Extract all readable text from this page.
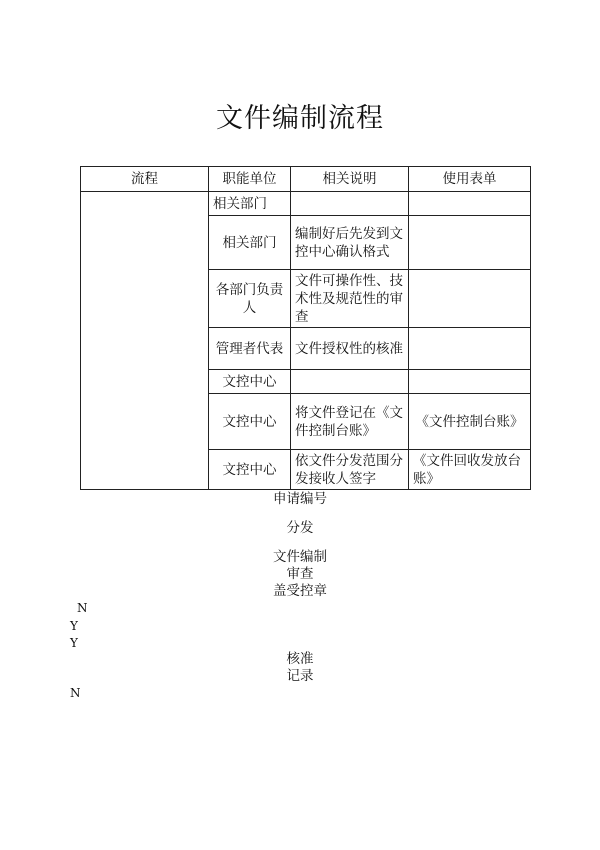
文件编制流程
流程	职能单位	相关说明	使用表单
	相关部门		
	相关部门	编制好后先发到文控中心确认格式	
	各部门负责人	文件可操作性、技术性及规范性的审查	
	管理者代表	文件授权性的核准	
	文控中心		
	文控中心	将文件登记在《文件控制台账》	《文件控制台账》
	文控中心	依文件分发范围分发接收人签字	《文件回收发放台账》
申请编号
分发
文件编制
审查
盖受控章
N
Y
Y
核准
记录
N
